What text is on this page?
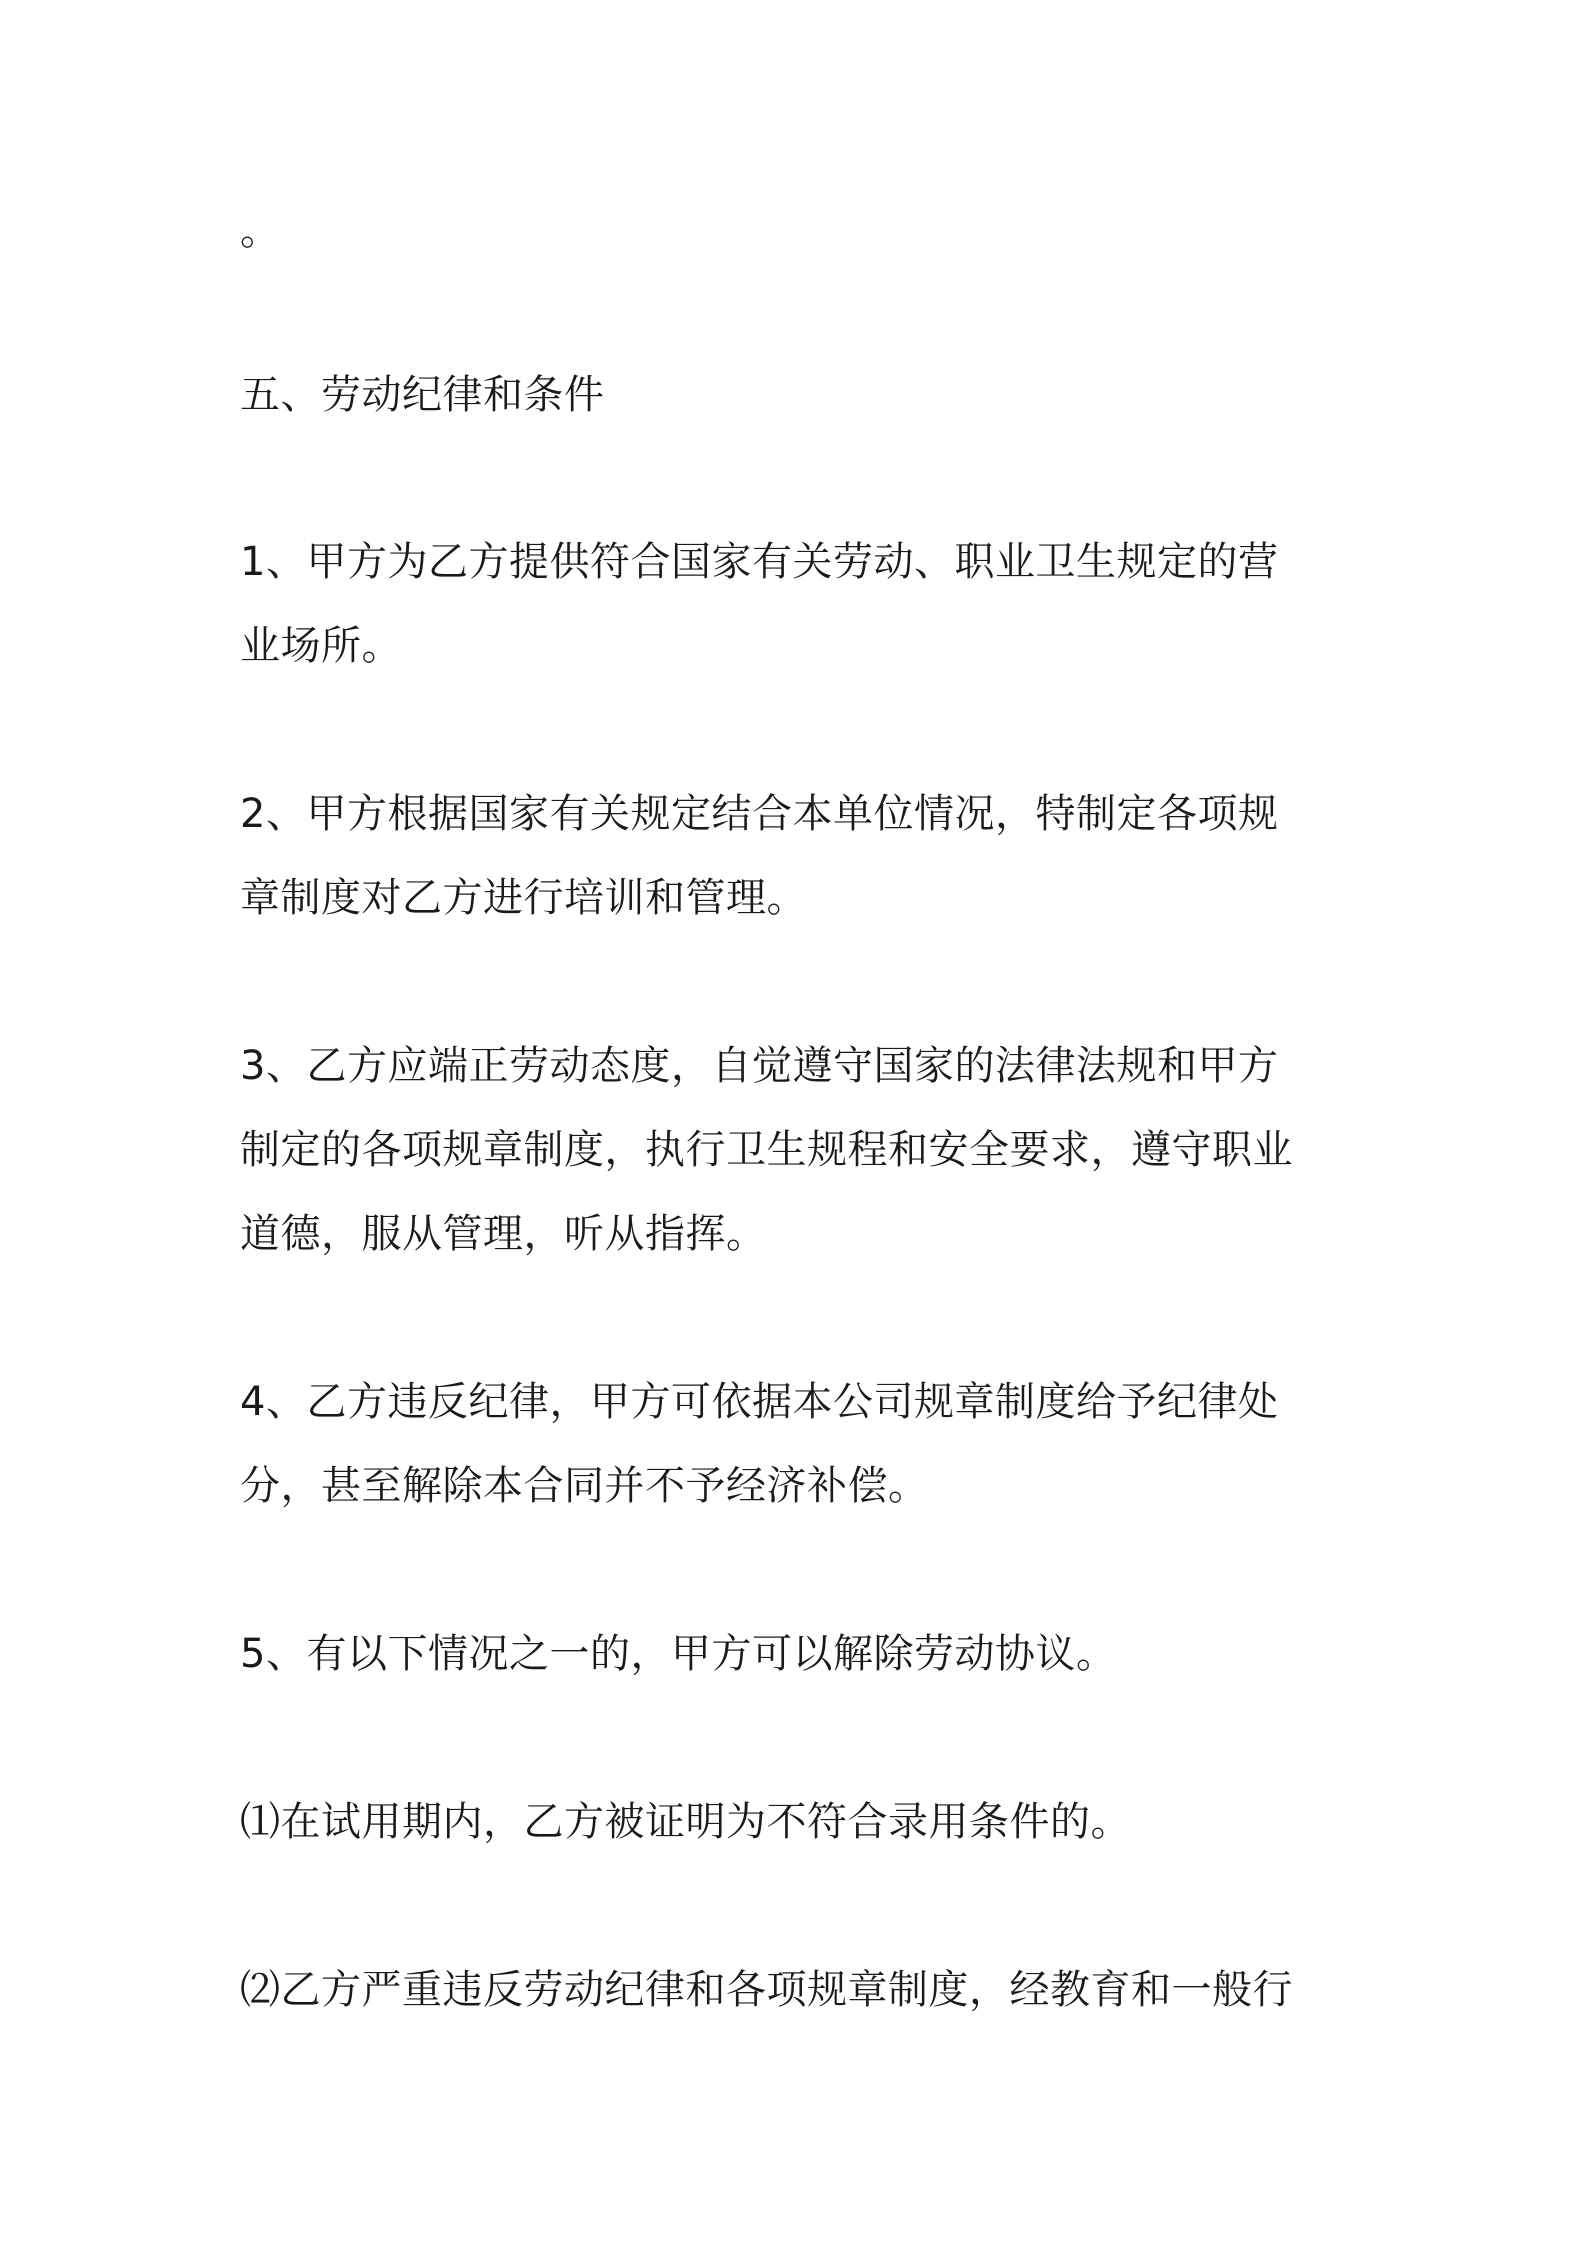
。
五、劳动纪律和条件
1、甲方为乙方提供符合国家有关劳动、职业卫生规定的营
业场所。
2、甲方根据国家有关规定结合本单位情况，特制定各项规
章制度对乙方进行培训和管理。
3、乙方应端正劳动态度，自觉遵守国家的法律法规和甲方
制定的各项规章制度，执行卫生规程和安全要求，遵守职业
道德，服从管理，听从指挥。
4、乙方违反纪律，甲方可依据本公司规章制度给予纪律处
分，甚至解除本合同并不予经济补偿。
5、有以下情况之一的，甲方可以解除劳动协议。
⑴在试用期内，乙方被证明为不符合录用条件的。
⑵乙方严重违反劳动纪律和各项规章制度，经教育和一般行
